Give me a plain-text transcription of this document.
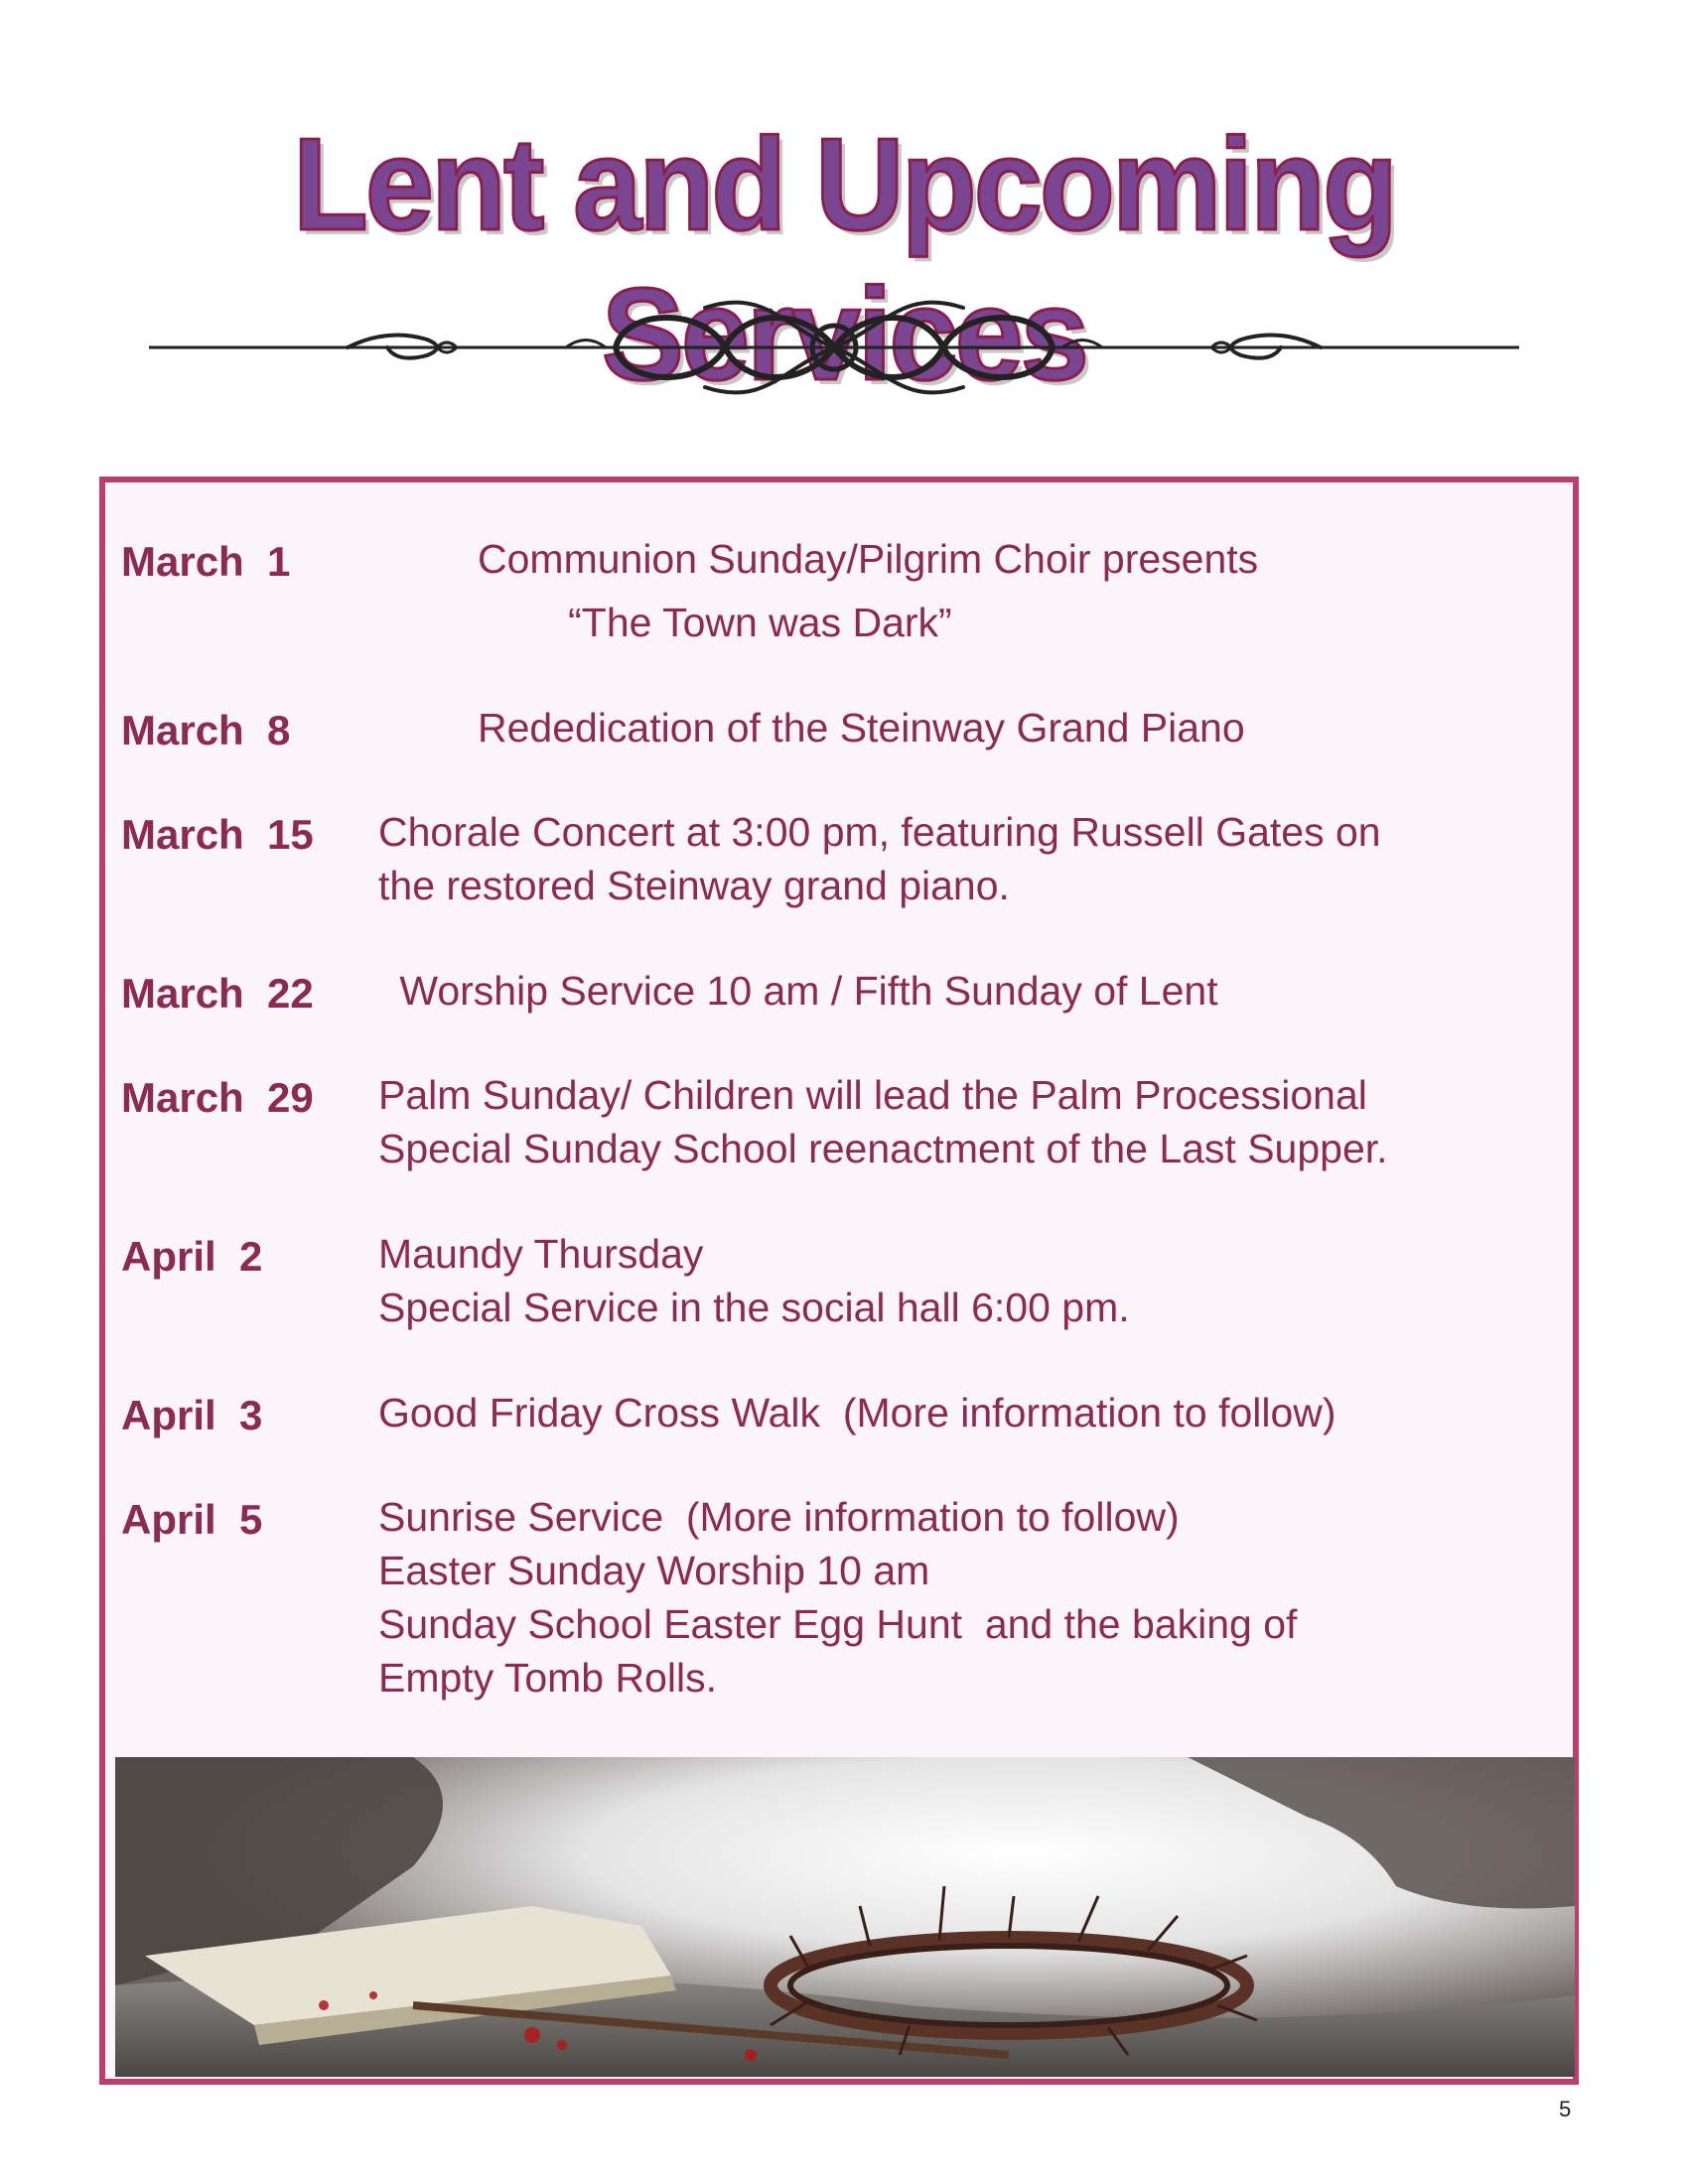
Lent and Upcoming Services
March  1	Communion Sunday/Pilgrim Choir presents
“The Town was Dark”
March  8	Rededication of the Steinway Grand Piano
March  15 Chorale Concert at 3:00 pm, featuring Russell Gates on
the restored Steinway grand piano.
March  22 Worship Service 10 am / Fifth Sunday of Lent
March  29 Palm Sunday/ Children will lead the Palm Processional
Special Sunday School reenactment of the Last Supper.
April  2	Maundy Thursday
Special Service in the social hall 6:00 pm.
April  3	Good Friday Cross Walk  (More information to follow)
April  5	Sunrise Service  (More information to follow)
Easter Sunday Worship 10 am
Sunday School Easter Egg Hunt  and the baking of
Empty Tomb Rolls.
5
